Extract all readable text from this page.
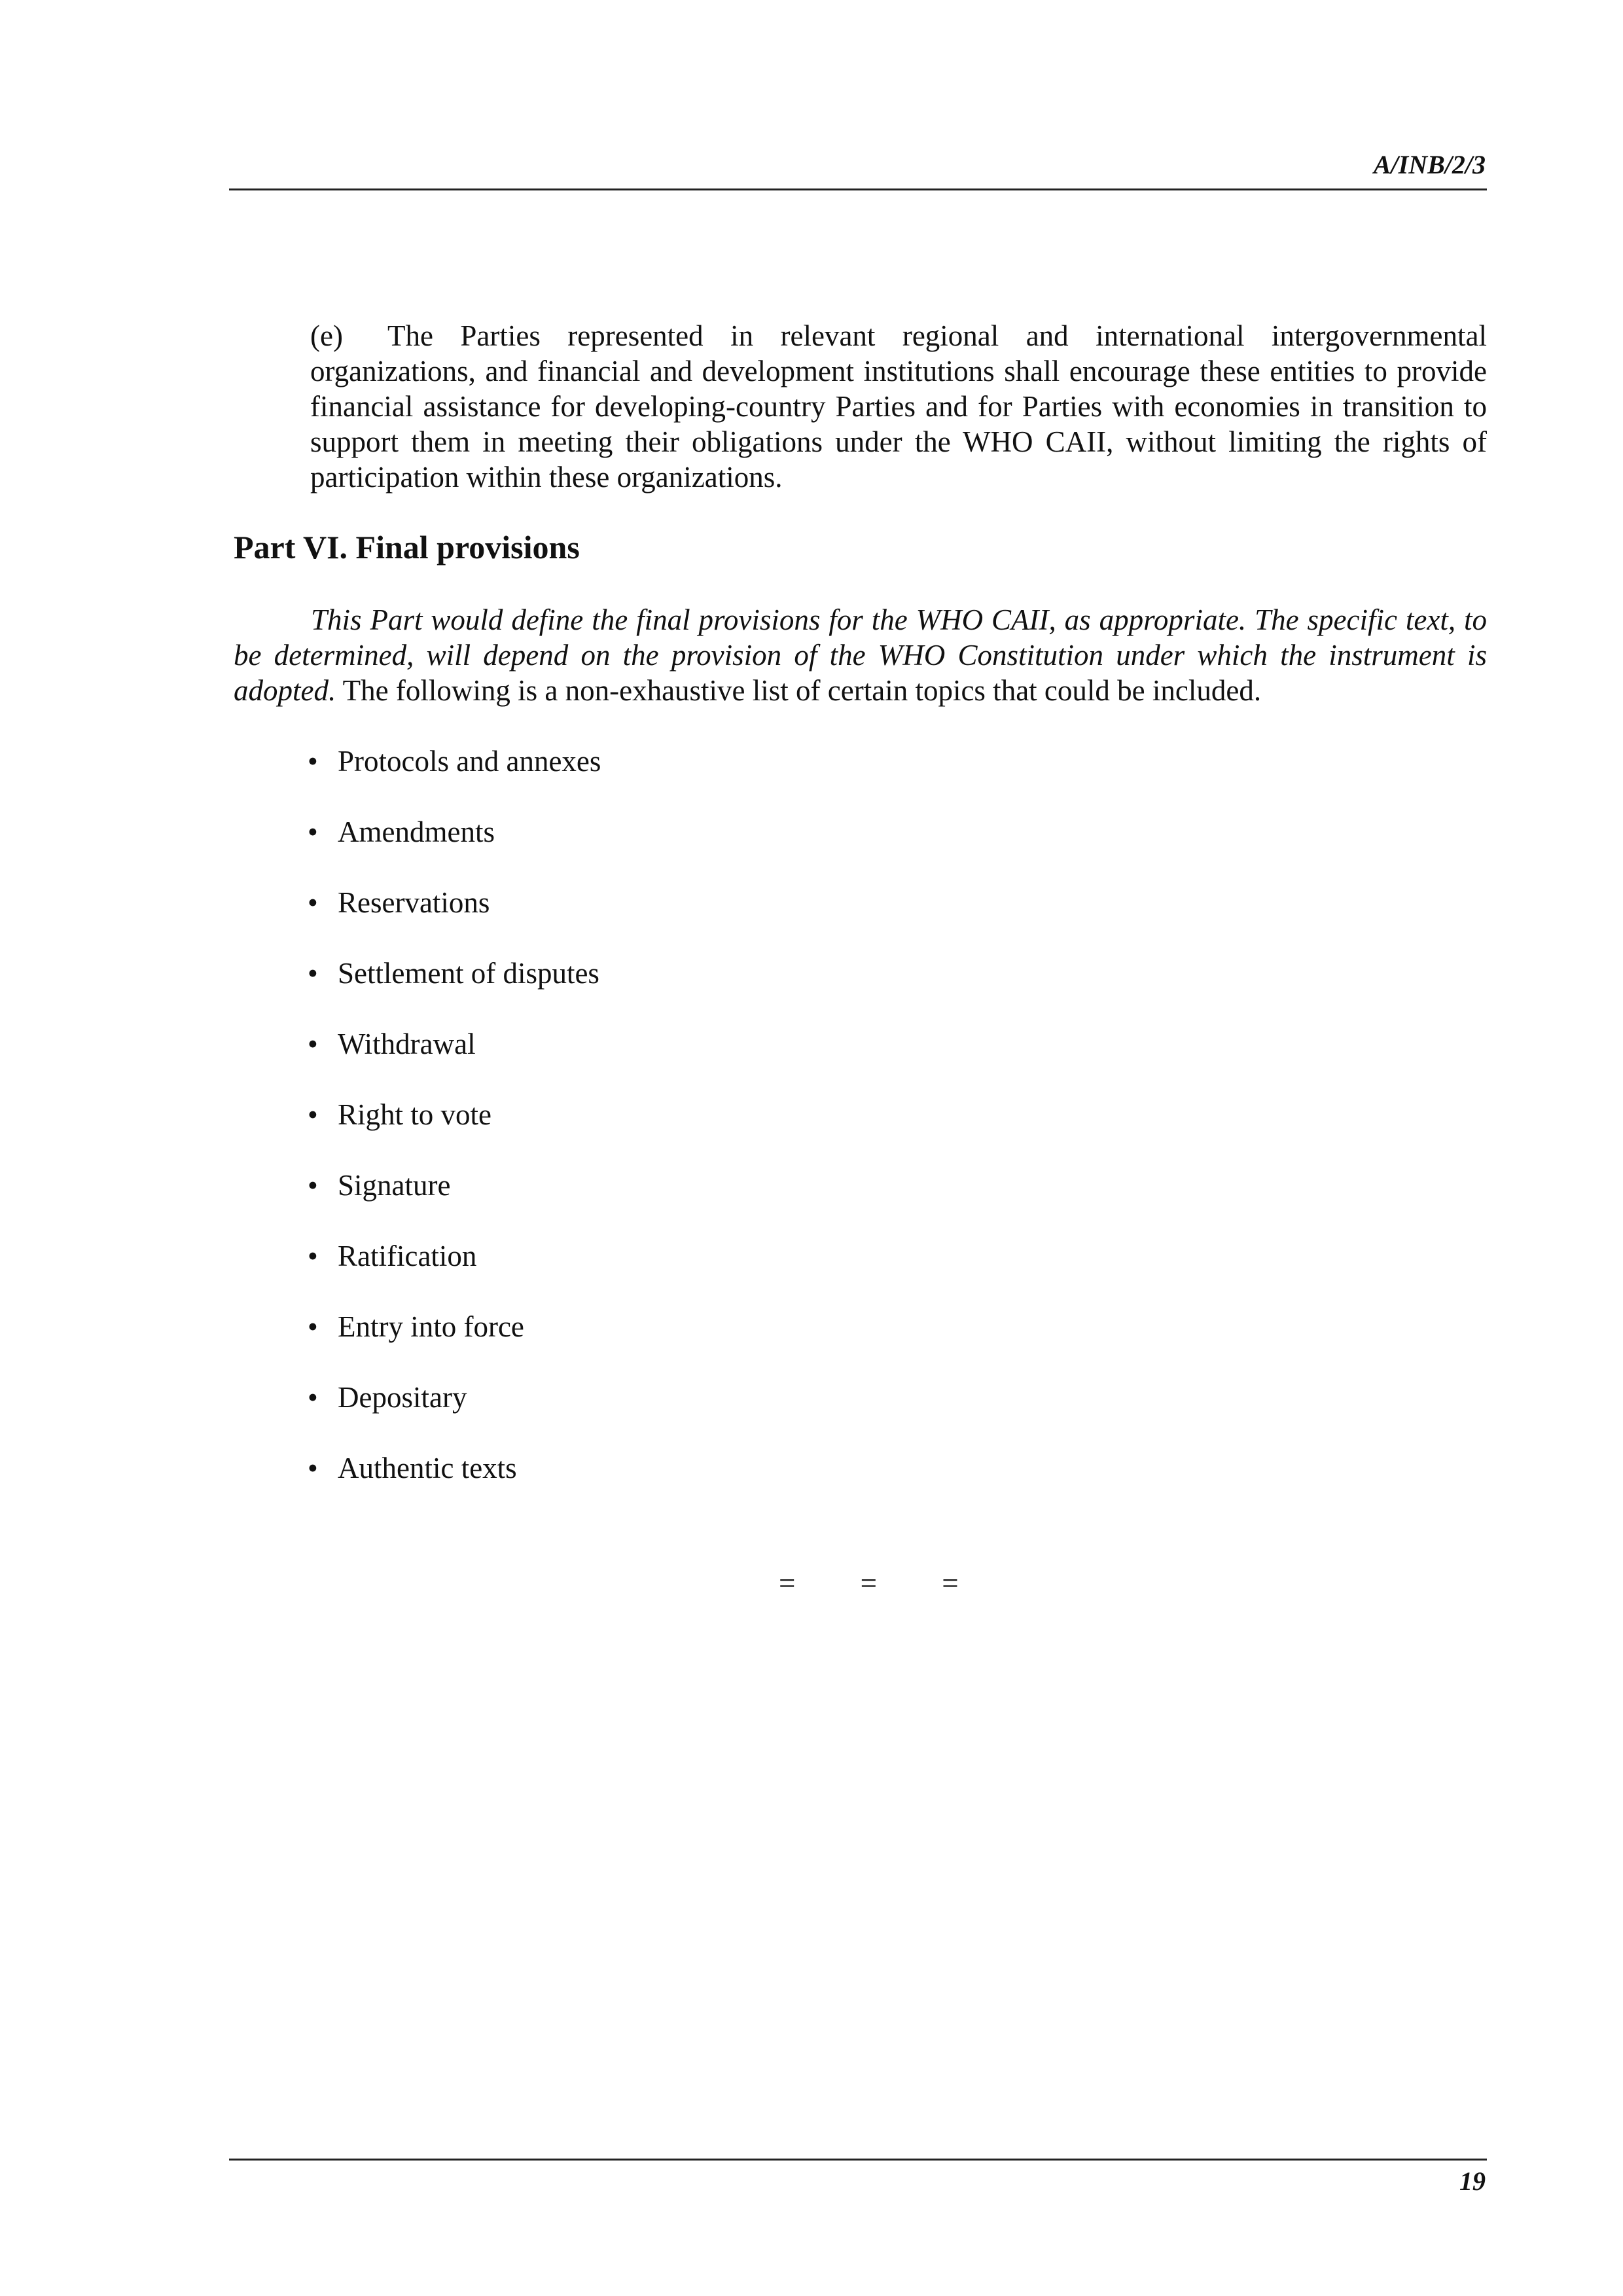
A/INB/2/3

(e) The Parties represented in relevant regional and international intergovernmental organizations, and financial and development institutions shall encourage these entities to provide financial assistance for developing-country Parties and for Parties with economies in transition to support them in meeting their obligations under the WHO CAII, without limiting the rights of participation within these organizations.

Part VI. Final provisions

This Part would define the final provisions for the WHO CAII, as appropriate. The specific text, to be determined, will depend on the provision of the WHO Constitution under which the instrument is adopted. The following is a non-exhaustive list of certain topics that could be included.

• Protocols and annexes
• Amendments
• Reservations
• Settlement of disputes
• Withdrawal
• Right to vote
• Signature
• Ratification
• Entry into force
• Depositary
• Authentic texts
= = =
19
